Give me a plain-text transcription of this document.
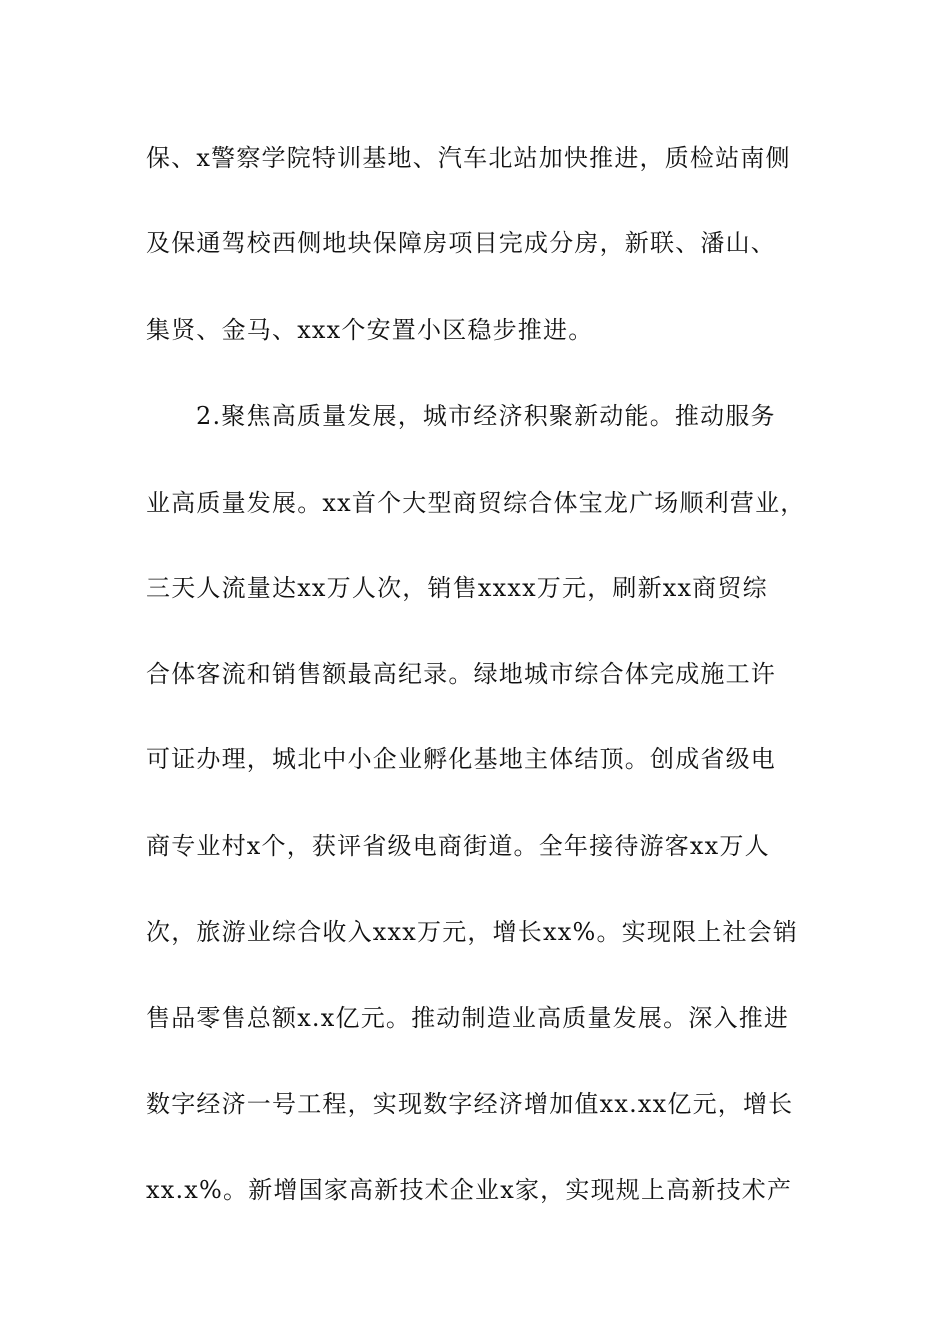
保、x警察学院特训基地、汽车北站加快推进，质检站南侧
及保通驾校西侧地块保障房项目完成分房，新联、潘山、
集贤、金马、xxx个安置小区稳步推进。
2.聚焦高质量发展，城市经济积聚新动能。推动服务
业高质量发展。xx首个大型商贸综合体宝龙广场顺利营业，
三天人流量达xx万人次，销售xxxx万元，刷新xx商贸综
合体客流和销售额最高纪录。绿地城市综合体完成施工许
可证办理，城北中小企业孵化基地主体结顶。创成省级电
商专业村x个，获评省级电商街道。全年接待游客xx万人
次，旅游业综合收入xxx万元，增长xx%。实现限上社会销
售品零售总额x.x亿元。推动制造业高质量发展。深入推进
数字经济一号工程，实现数字经济增加值xx.xx亿元，增长
xx.x%。新增国家高新技术企业x家，实现规上高新技术产
